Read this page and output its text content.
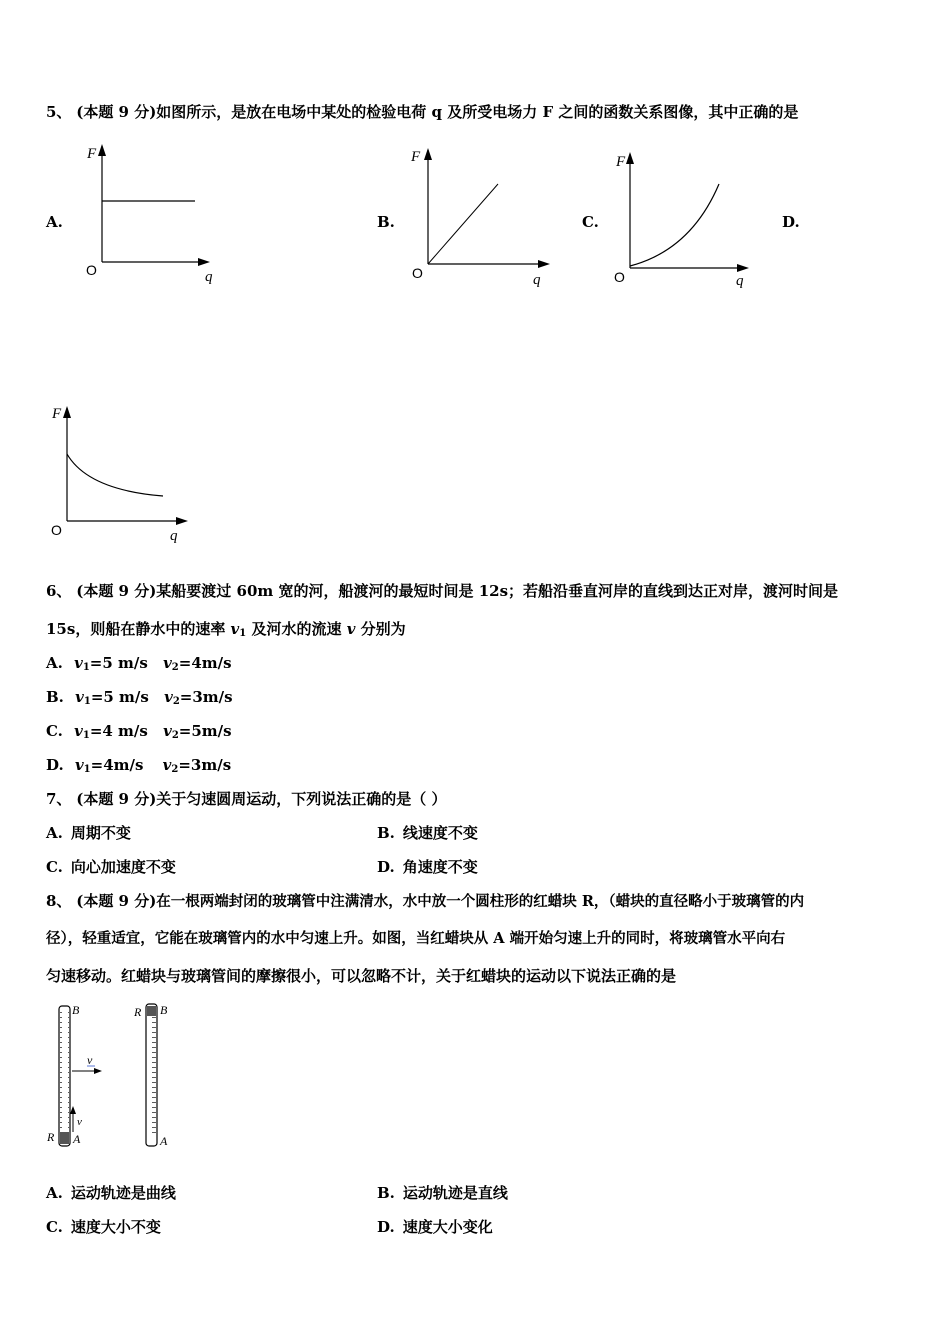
5、 (本题 9 分)如图所示，是放在电场中某处的检验电荷 q 及所受电场力 F 之间的函数关系图像，其中正确的是
A.	B.	C.	D.
F
O	q
F
O	q
F
O	q
F
O	q
6、 (本题 9 分)某船要渡过 60m 宽的河，船渡河的最短时间是 12s；若船沿垂直河岸的直线到达正对岸，渡河时间是
15s，则船在静水中的速率 $v_1$ 及河水的流速 v 分别为
A. $v_1=5$ m/s $v_2=4m/s$
B. $v_1=5$ m/s $v_2=3m/s$
C. $v_1=4$ m/s $v_2=5m/s$
D. $v_1=4m/s$ $v_2=3m/s$
7、 (本题 9 分)关于匀速圆周运动，下列说法正确的是（ ）
A. 周期不变	B. 线速度不变
C. 向心加速度不变	D. 角速度不变
8、 (本题 9 分)在一根两端封闭的玻璃管中注满清水，水中放一个圆柱形的红蜡块 R，（蜡块的直径略小于玻璃管的内
径），轻重适宜，它能在玻璃管内的水中匀速上升。如图，当红蜡块从 A 端开始匀速上升的同时，将玻璃管水平向右
匀速移动。红蜡块与玻璃管间的摩擦很小，可以忽略不计，关于红蜡块的运动以下说法正确的是
B
A
R
v
v
R B
A
A. 运动轨迹是曲线	B. 运动轨迹是直线
C. 速度大小不变	D. 速度大小变化
